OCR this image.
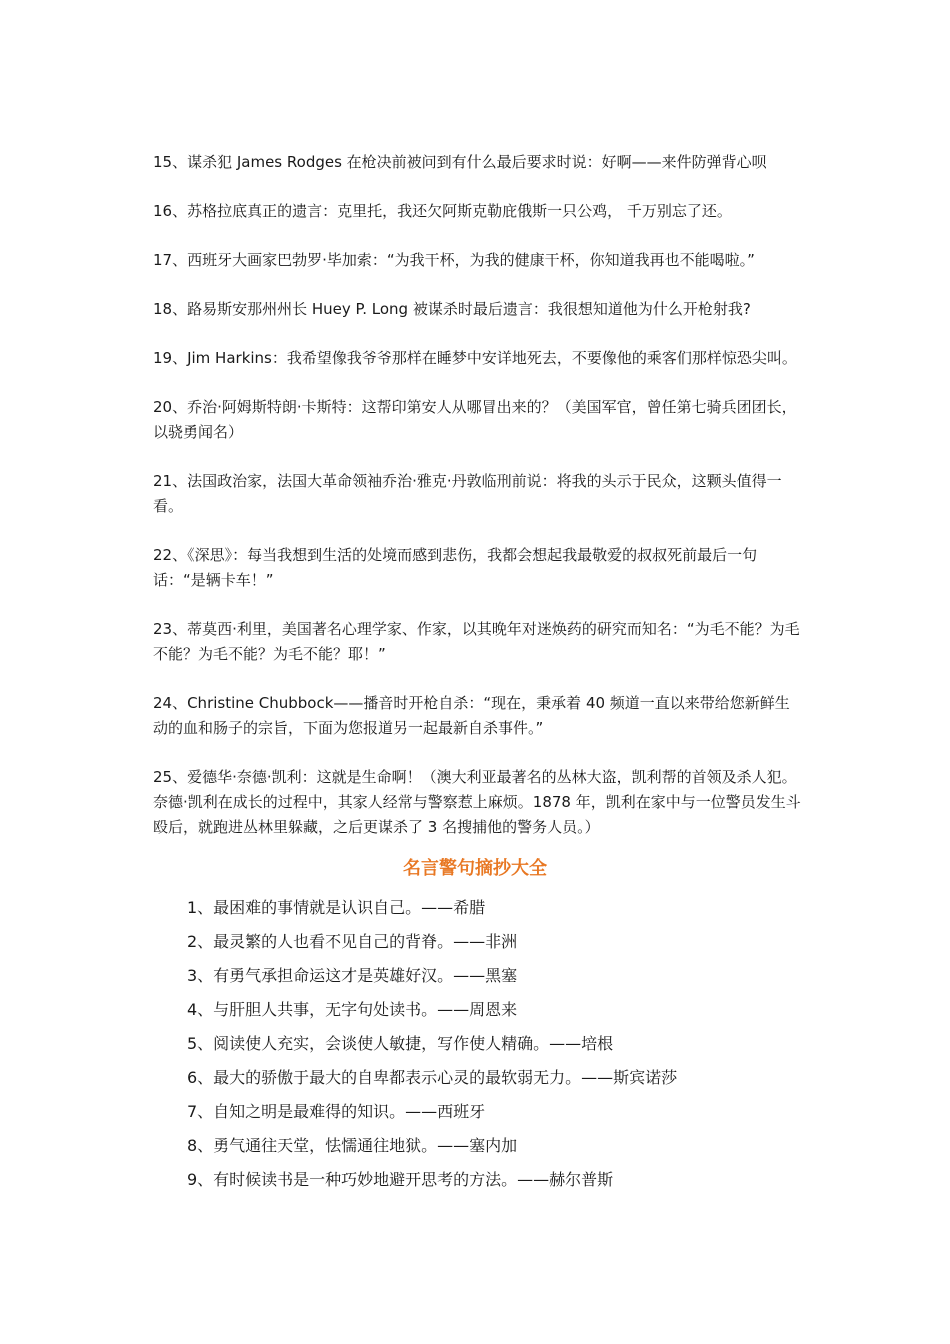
15、谋杀犯 James Rodges 在枪决前被问到有什么最后要求时说：好啊——来件防弹背心呗

16、苏格拉底真正的遗言：克里托，我还欠阿斯克勒庇俄斯一只公鸡， 千万别忘了还。

17、西班牙大画家巴勃罗·毕加索：“为我干杯，为我的健康干杯，你知道我再也不能喝啦。”

18、路易斯安那州州长 Huey P. Long 被谋杀时最后遗言：我很想知道他为什么开枪射我?

19、Jim Harkins：我希望像我爷爷那样在睡梦中安详地死去，不要像他的乘客们那样惊恐尖叫。

20、乔治·阿姆斯特朗·卡斯特：这帮印第安人从哪冒出来的？（美国军官，曾任第七骑兵团团长，以骁勇闻名）

21、法国政治家，法国大革命领袖乔治·雅克·丹敦临刑前说：将我的头示于民众，这颗头值得一看。

22、《深思》：每当我想到生活的处境而感到悲伤，我都会想起我最敬爱的叔叔死前最后一句话：“是辆卡车！”

23、蒂莫西·利里，美国著名心理学家、作家，以其晚年对迷焕药的研究而知名：“为毛不能？为毛不能？为毛不能？为毛不能？耶！”

24、Christine Chubbock——播音时开枪自杀：“现在，秉承着 40 频道一直以来带给您新鲜生动的血和肠子的宗旨，下面为您报道另一起最新自杀事件。”

25、爱德华·奈德·凯利：这就是生命啊！（澳大利亚最著名的丛林大盗，凯利帮的首领及杀人犯。奈德·凯利在成长的过程中，其家人经常与警察惹上麻烦。1878 年，凯利在家中与一位警员发生斗殴后，就跑进丛林里躲藏，之后更谋杀了 3 名搜捕他的警务人员。）

名言警句摘抄大全
1、最困难的事情就是认识自己。——希腊
2、最灵繁的人也看不见自己的背脊。——非洲
3、有勇气承担命运这才是英雄好汉。——黑塞
4、与肝胆人共事，无字句处读书。——周恩来
5、阅读使人充实，会谈使人敏捷，写作使人精确。——培根
6、最大的骄傲于最大的自卑都表示心灵的最软弱无力。——斯宾诺莎
7、自知之明是最难得的知识。——西班牙
8、勇气通往天堂，怯懦通往地狱。——塞内加
9、有时候读书是一种巧妙地避开思考的方法。——赫尔普斯
